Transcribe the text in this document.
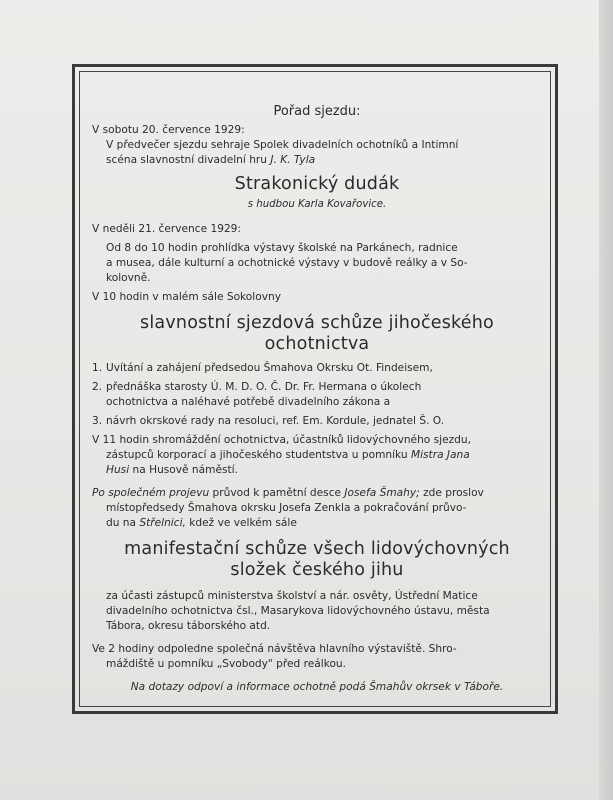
Pořad sjezdu:

V sobotu 20. července 1929:

V předvečer sjezdu sehraje Spolek divadelních ochotníků a Intimní

scéna slavnostní divadelní hru J. K. Tyla

Strakonický dudák
s hudbou Karla Kovařovice.

V neděli 21. července 1929:

Od 8 do 10 hodin prohlídka výstavy školské na Parkánech, radnice

a musea, dále kulturní a ochotnické výstavy v budově reálky a v So-

kolovně.

V 10 hodin v malém sále Sokolovny

slavnostní sjezdová schůze jihočeského
ochotnictva
1. Uvítání a zahájení předsedou Šmahova Okrsku Ot. Findeisem,
2. přednáška starosty Ú. M. D. O. Č. Dr. Fr. Hermana o úkolech
ochotnictva a naléhavé potřebě divadelního zákona a
3. návrh okrskové rady na resoluci, ref. Em. Kordule, jednatel Š. O.

V 11 hodin shromáždění ochotnictva, účastníků lidovýchovného sjezdu,

zástupců korporací a jihočeského studentstva u pomníku Mistra Jana

Husi na Husově náměstí.

Po společném projevu průvod k pamětní desce Josefa Šmahy; zde proslov

místopředsedy Šmahova okrsku Josefa Zenkla a pokračování průvo-

du na Střelnici, kdež ve velkém sále

manifestační schůze všech lidovýchovných
složek českého jihu

za účasti zástupců ministerstva školství a nár. osvěty, Ústřední Matice

divadelního ochotnictva čsl., Masarykova lidovýchovného ústavu, města

Tábora, okresu táborského atd.

Ve 2 hodiny odpoledne společná návštěva hlavního výstaviště. Shro-

máždiště u pomníku „Svobody" před reálkou.

Na dotazy odpoví a informace ochotně podá Šmahův okrsek v Táboře.
